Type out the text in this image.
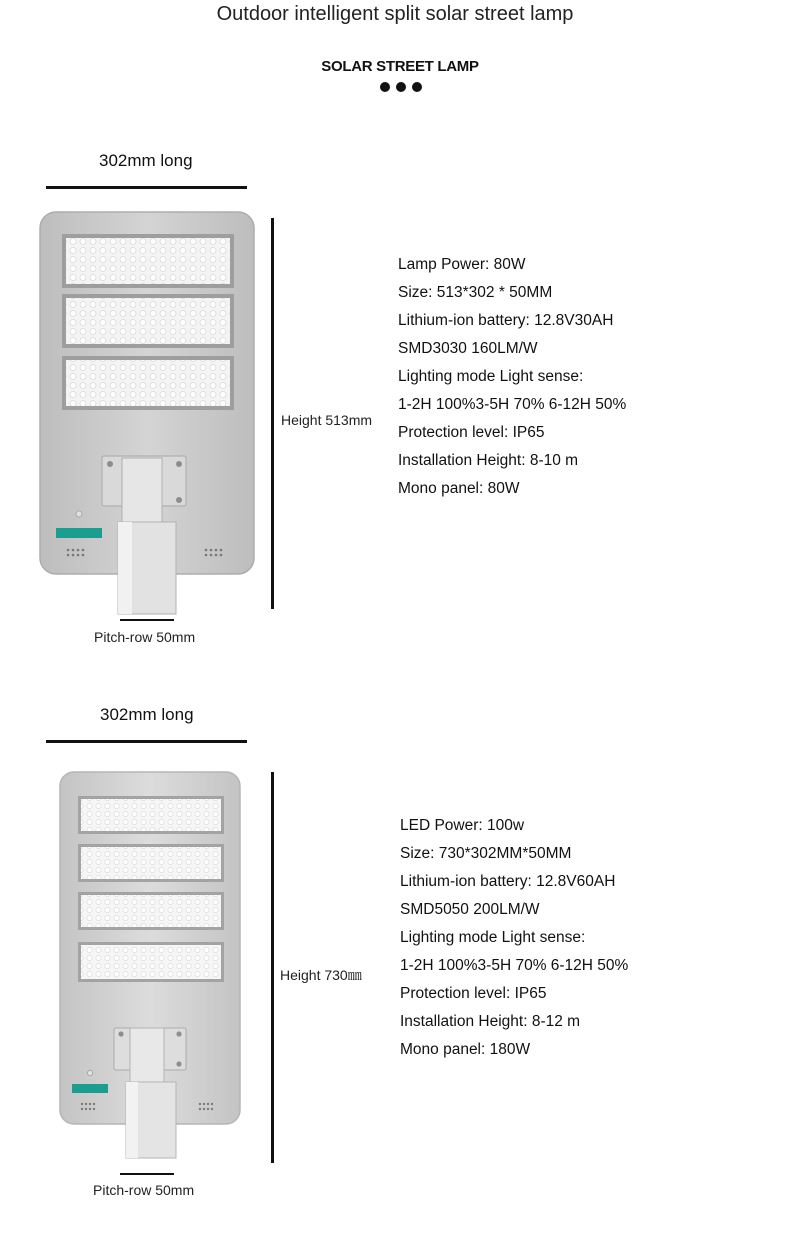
Outdoor intelligent split solar street lamp
SOLAR STREET LAMP
302mm long
Pitch-row 50mm
Height 513mm
Lamp Power: 80W
Size: 513*302 * 50MM
Lithium-ion battery: 12.8V30AH
SMD3030 160LM/W
Lighting mode Light sense:
1-2H 100%3-5H 70% 6-12H 50%
Protection level: IP65
Installation Height: 8-10 m
Mono panel: 80W
302mm long
Pitch-row 50mm
Height 730㎜
LED Power: 100w
Size: 730*302MM*50MM
Lithium-ion battery: 12.8V60AH
SMD5050 200LM/W
Lighting mode Light sense:
1-2H 100%3-5H 70% 6-12H 50%
Protection level: IP65
Installation Height: 8-12 m
Mono panel: 180W
